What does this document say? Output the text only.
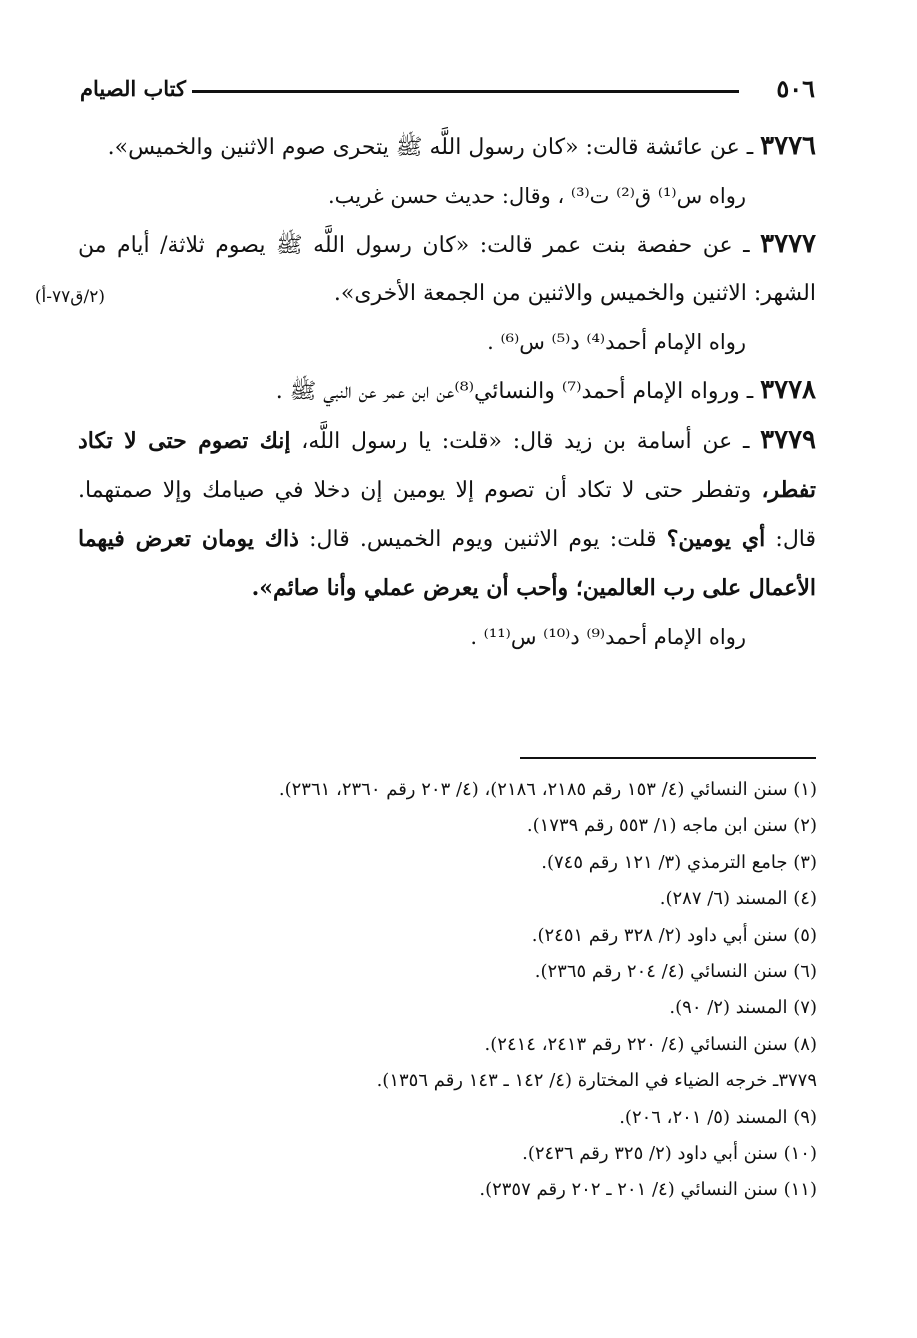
٥٠٦
كتاب الصيام
(٢/ق٧٧-أ)

٣٧٧٦ ـ عن عائشة قالت: «كان رسول اللَّه ﷺ يتحرى صوم الاثنين والخميس».

رواه س⁽¹⁾ ق⁽²⁾ ت⁽³⁾ ، وقال: حديث حسن غريب.

٣٧٧٧ ـ عن حفصة بنت عمر قالت: «كان رسول اللَّه ﷺ يصوم ثلاثة/ أيام من الشهر: الاثنين والخميس والاثنين من الجمعة الأخرى».

رواه الإمام أحمد⁽⁴⁾ د⁽⁵⁾ س⁽⁶⁾ .

٣٧٧٨ ـ ورواه الإمام أحمد⁽⁷⁾ والنسائي⁽⁸⁾عن ابن عمر عن النبي ﷺ .

٣٧٧٩ ـ عن أسامة بن زيد قال: «قلت: يا رسول اللَّه، إنك تصوم حتى لا تكاد تفطر، وتفطر حتى لا تكاد أن تصوم إلا يومين إن دخلا في صيامك وإلا صمتهما. قال: أي يومين؟ قلت: يوم الاثنين ويوم الخميس. قال: ذاك يومان تعرض فيهما الأعمال على رب العالمين؛ وأحب أن يعرض عملي وأنا صائم».

رواه الإمام أحمد⁽⁹⁾ د⁽¹⁰⁾ س⁽¹¹⁾ .

(١) سنن النسائي (٤/ ١٥٣ رقم ٢١٨٥، ٢١٨٦)، (٤/ ٢٠٣ رقم ٢٣٦٠، ٢٣٦١).

(٢) سنن ابن ماجه (١/ ٥٥٣ رقم ١٧٣٩).

(٣) جامع الترمذي (٣/ ١٢١ رقم ٧٤٥).

(٤) المسند (٦/ ٢٨٧).

(٥) سنن أبي داود (٢/ ٣٢٨ رقم ٢٤٥١).

(٦) سنن النسائي (٤/ ٢٠٤ رقم ٢٣٦٥).

(٧) المسند (٢/ ٩٠).

(٨) سنن النسائي (٤/ ٢٢٠ رقم ٢٤١٣، ٢٤١٤).

٣٧٧٩ـ خرجه الضياء في المختارة (٤/ ١٤٢ ـ ١٤٣ رقم ١٣٥٦).

(٩) المسند (٥/ ٢٠١، ٢٠٦).

(١٠) سنن أبي داود (٢/ ٣٢٥ رقم ٢٤٣٦).

(١١) سنن النسائي (٤/ ٢٠١ ـ ٢٠٢ رقم ٢٣٥٧).
